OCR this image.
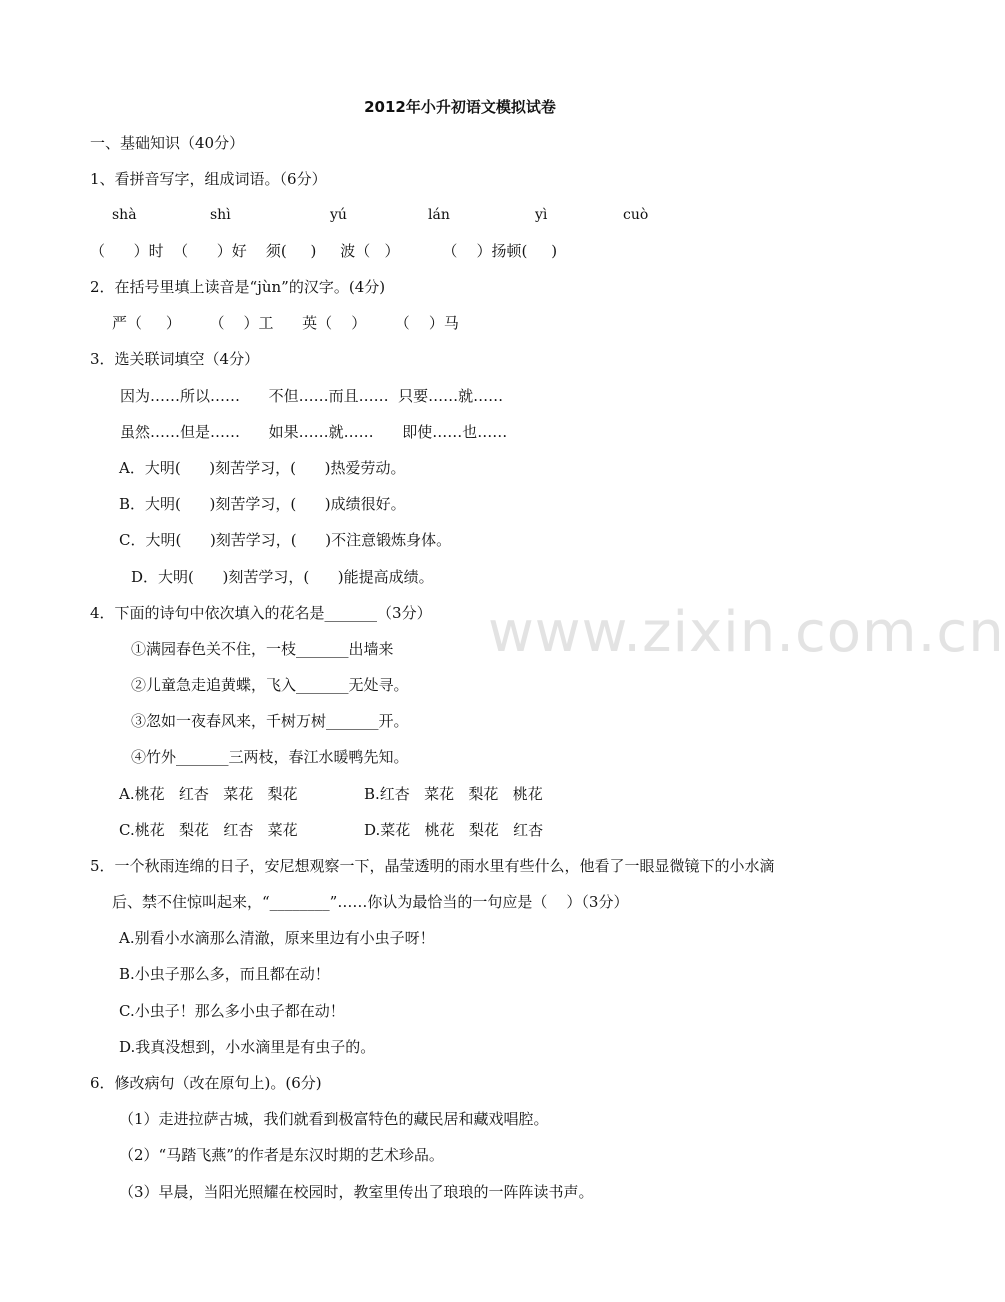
www.zixin.com.cn
2012年小升初语文模拟试卷
一、基础知识（40分）
1、看拼音写字，组成词语。（6分）
shà	shì	yú	lán	yì	cuò
（      ）时  （      ）好    须(     )     波（   ）         （    ）扬顿(     )
2．在括号里填上读音是“jùn”的汉字。(4分)
严（     ）      （    ）工      英（    ）      （    ）马
3．选关联词填空（4分）
因为……所以……      不但……而且……  只要……就……
虽然……但是……      如果……就……      即使……也……
A．大明(      )刻苦学习，(      )热爱劳动。
B．大明(      )刻苦学习，(      )成绩很好。
C．大明(      )刻苦学习，(      )不注意锻炼身体。
D．大明(      )刻苦学习，(      )能提高成绩。
4．下面的诗句中依次填入的花名是_______（3分）
①满园春色关不住，一枝_______出墙来
②儿童急走追黄蝶，飞入_______无处寻。
③忽如一夜春风来，千树万树_______开。
④竹外_______三两枝，春江水暖鸭先知。
A.桃花   红杏   菜花   梨花	B.红杏   菜花   梨花   桃花
C.桃花   梨花   红杏   菜花	D.菜花   桃花   梨花   红杏
5．一个秋雨连绵的日子，安尼想观察一下，晶莹透明的雨水里有些什么，他看了一眼显微镜下的小水滴
后、禁不住惊叫起来，“________”……你认为最恰当的一句应是（    ）（3分）
A.别看小水滴那么清澈，原来里边有小虫子呀！
B.小虫子那么多，而且都在动！
C.小虫子！那么多小虫子都在动！
D.我真没想到，小水滴里是有虫子的。
6．修改病句（改在原句上)。(6分)
（1）走进拉萨古城，我们就看到极富特色的藏民居和藏戏唱腔。
（2）“马踏飞燕”的作者是东汉时期的艺术珍品。
（3）早晨，当阳光照耀在校园时，教室里传出了琅琅的一阵阵读书声。
